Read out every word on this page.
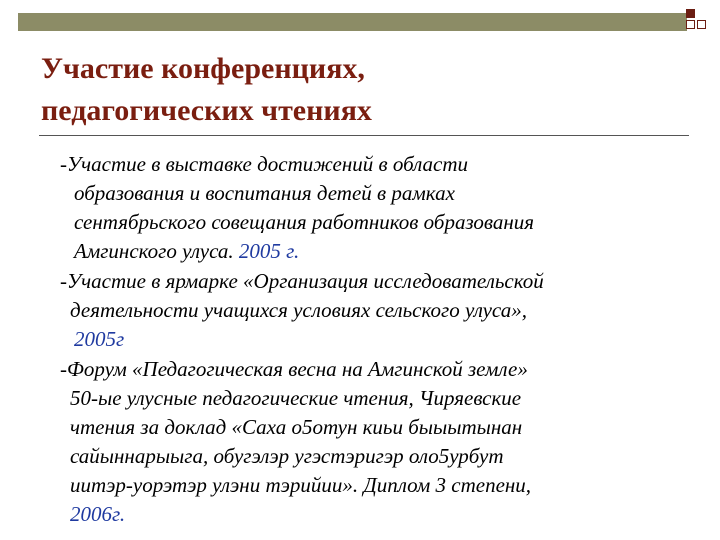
Участие конференциях,
педагогических чтениях
-Участие в выставке достижений в области
образования и воспитания детей в рамках
сентябрьского совещания работников образования
Амгинского улуса. 2005 г.
-Участие в ярмарке «Организация исследовательской
деятельности учащихся условиях сельского улуса»,
2005г
-Форум «Педагогическая весна на Амгинской земле»
50-ые улусные педагогические чтения, Чиряевские
чтения за доклад «Саха о5отун киьи быыытынан
сайыннарыыга, обугэлэр угэстэригэр оло5урбут
иитэр-уорэтэр улэни тэрийии». Диплом 3 степени,
2006г.
